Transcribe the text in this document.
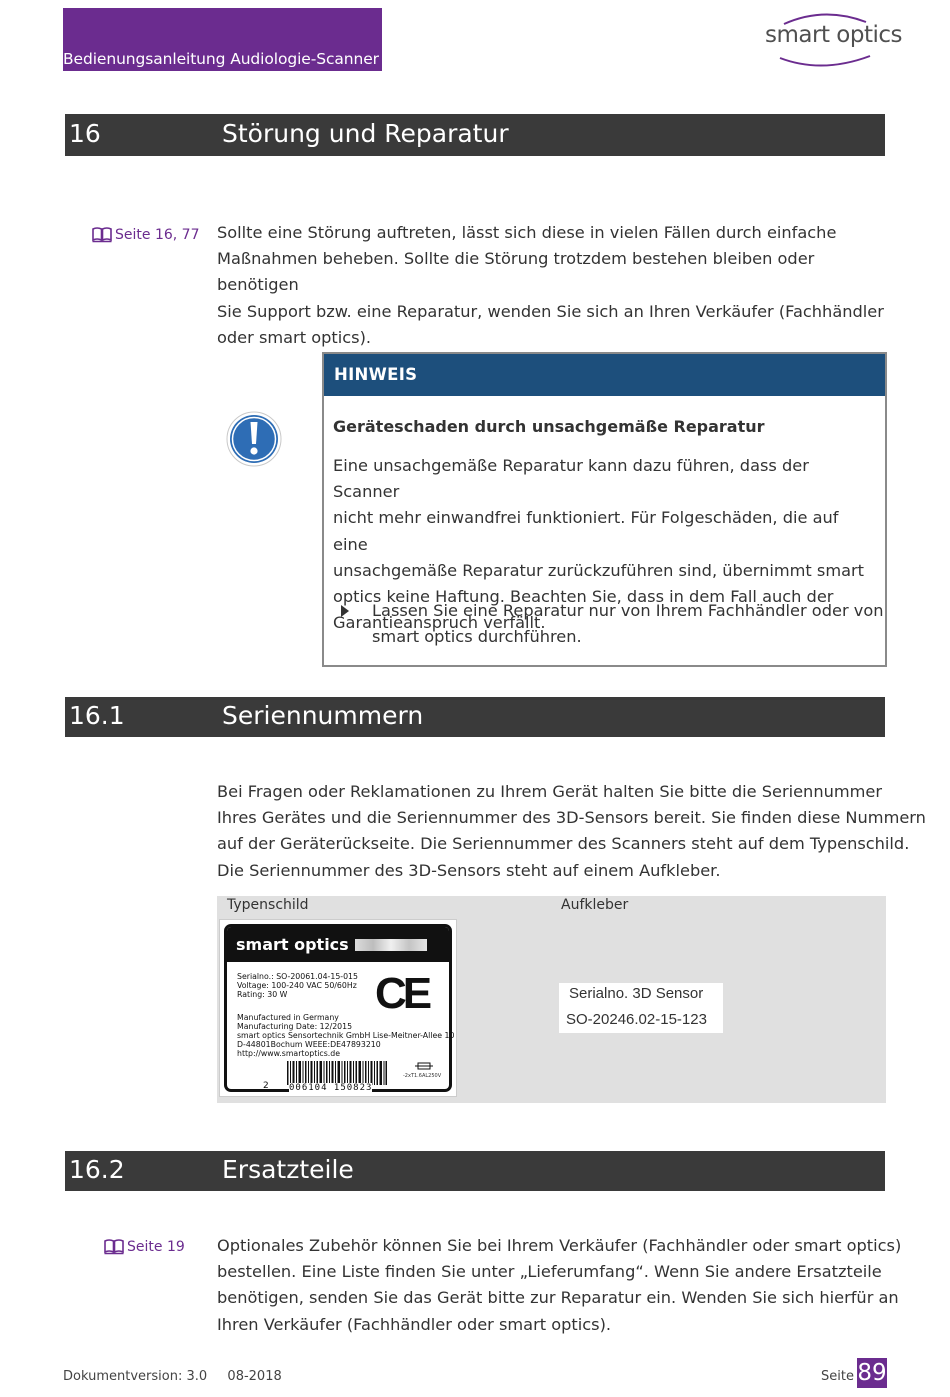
Bedienungsanleitung Audiologie-Scanner
smart optics
16	Störung und Reparatur
Seite 16, 77 Sollte eine Störung auftreten, lässt sich diese in vielen Fällen durch einfache
Maßnahmen beheben. Sollte die Störung trotzdem bestehen bleiben oder benötigen
Sie Support bzw. eine Reparatur, wenden Sie sich an Ihren Verkäufer (Fachhändler
oder smart optics).
HINWEIS
Geräteschaden durch unsachgemäße Reparatur
Eine unsachgemäße Reparatur kann dazu führen, dass der Scanner
nicht mehr einwandfrei funktioniert. Für Folgeschäden, die auf eine
unsachgemäße Reparatur zurückzuführen sind, übernimmt smart
optics keine Haftung. Beachten Sie, dass in dem Fall auch der
Garantieanspruch verfällt.
Lassen Sie eine Reparatur nur von Ihrem Fachhändler oder von
smart optics durchführen.
16.1	Seriennummern
Bei Fragen oder Reklamationen zu Ihrem Gerät halten Sie bitte die Seriennummer
Ihres Gerätes und die Seriennummer des 3D-Sensors bereit. Sie finden diese Nummern
auf der Geräterückseite. Die Seriennummer des Scanners steht auf dem Typenschild.
Die Seriennummer des 3D-Sensors steht auf einem Aufkleber.
Typenschild	Aufkleber
smart optics
Serialno.: SO-20061.04-15-015
Voltage: 100-240 VAC 50/60Hz
Rating: 30 W CE
Manufactured in Germany
Manufacturing Date: 12/2015
smart optics Sensortechnik GmbH Lise-Meitner-Allee 10
D-44801Bochum WEEE:DE47893210
http://www.smartoptics.de
2 006104 150823
-2xT1.6AL250V
Serialno. 3D Sensor
SO-20246.02-15-123
16.2	Ersatzteile
Seite 19 Optionales Zubehör können Sie bei Ihrem Verkäufer (Fachhändler oder smart optics)
bestellen. Eine Liste finden Sie unter „Lieferumfang“. Wenn Sie andere Ersatzteile
benötigen, senden Sie das Gerät bitte zur Reparatur ein. Wenden Sie sich hierfür an
Ihren Verkäufer (Fachhändler oder smart optics).
Dokumentversion: 3.0 08-2018	Seite 89
